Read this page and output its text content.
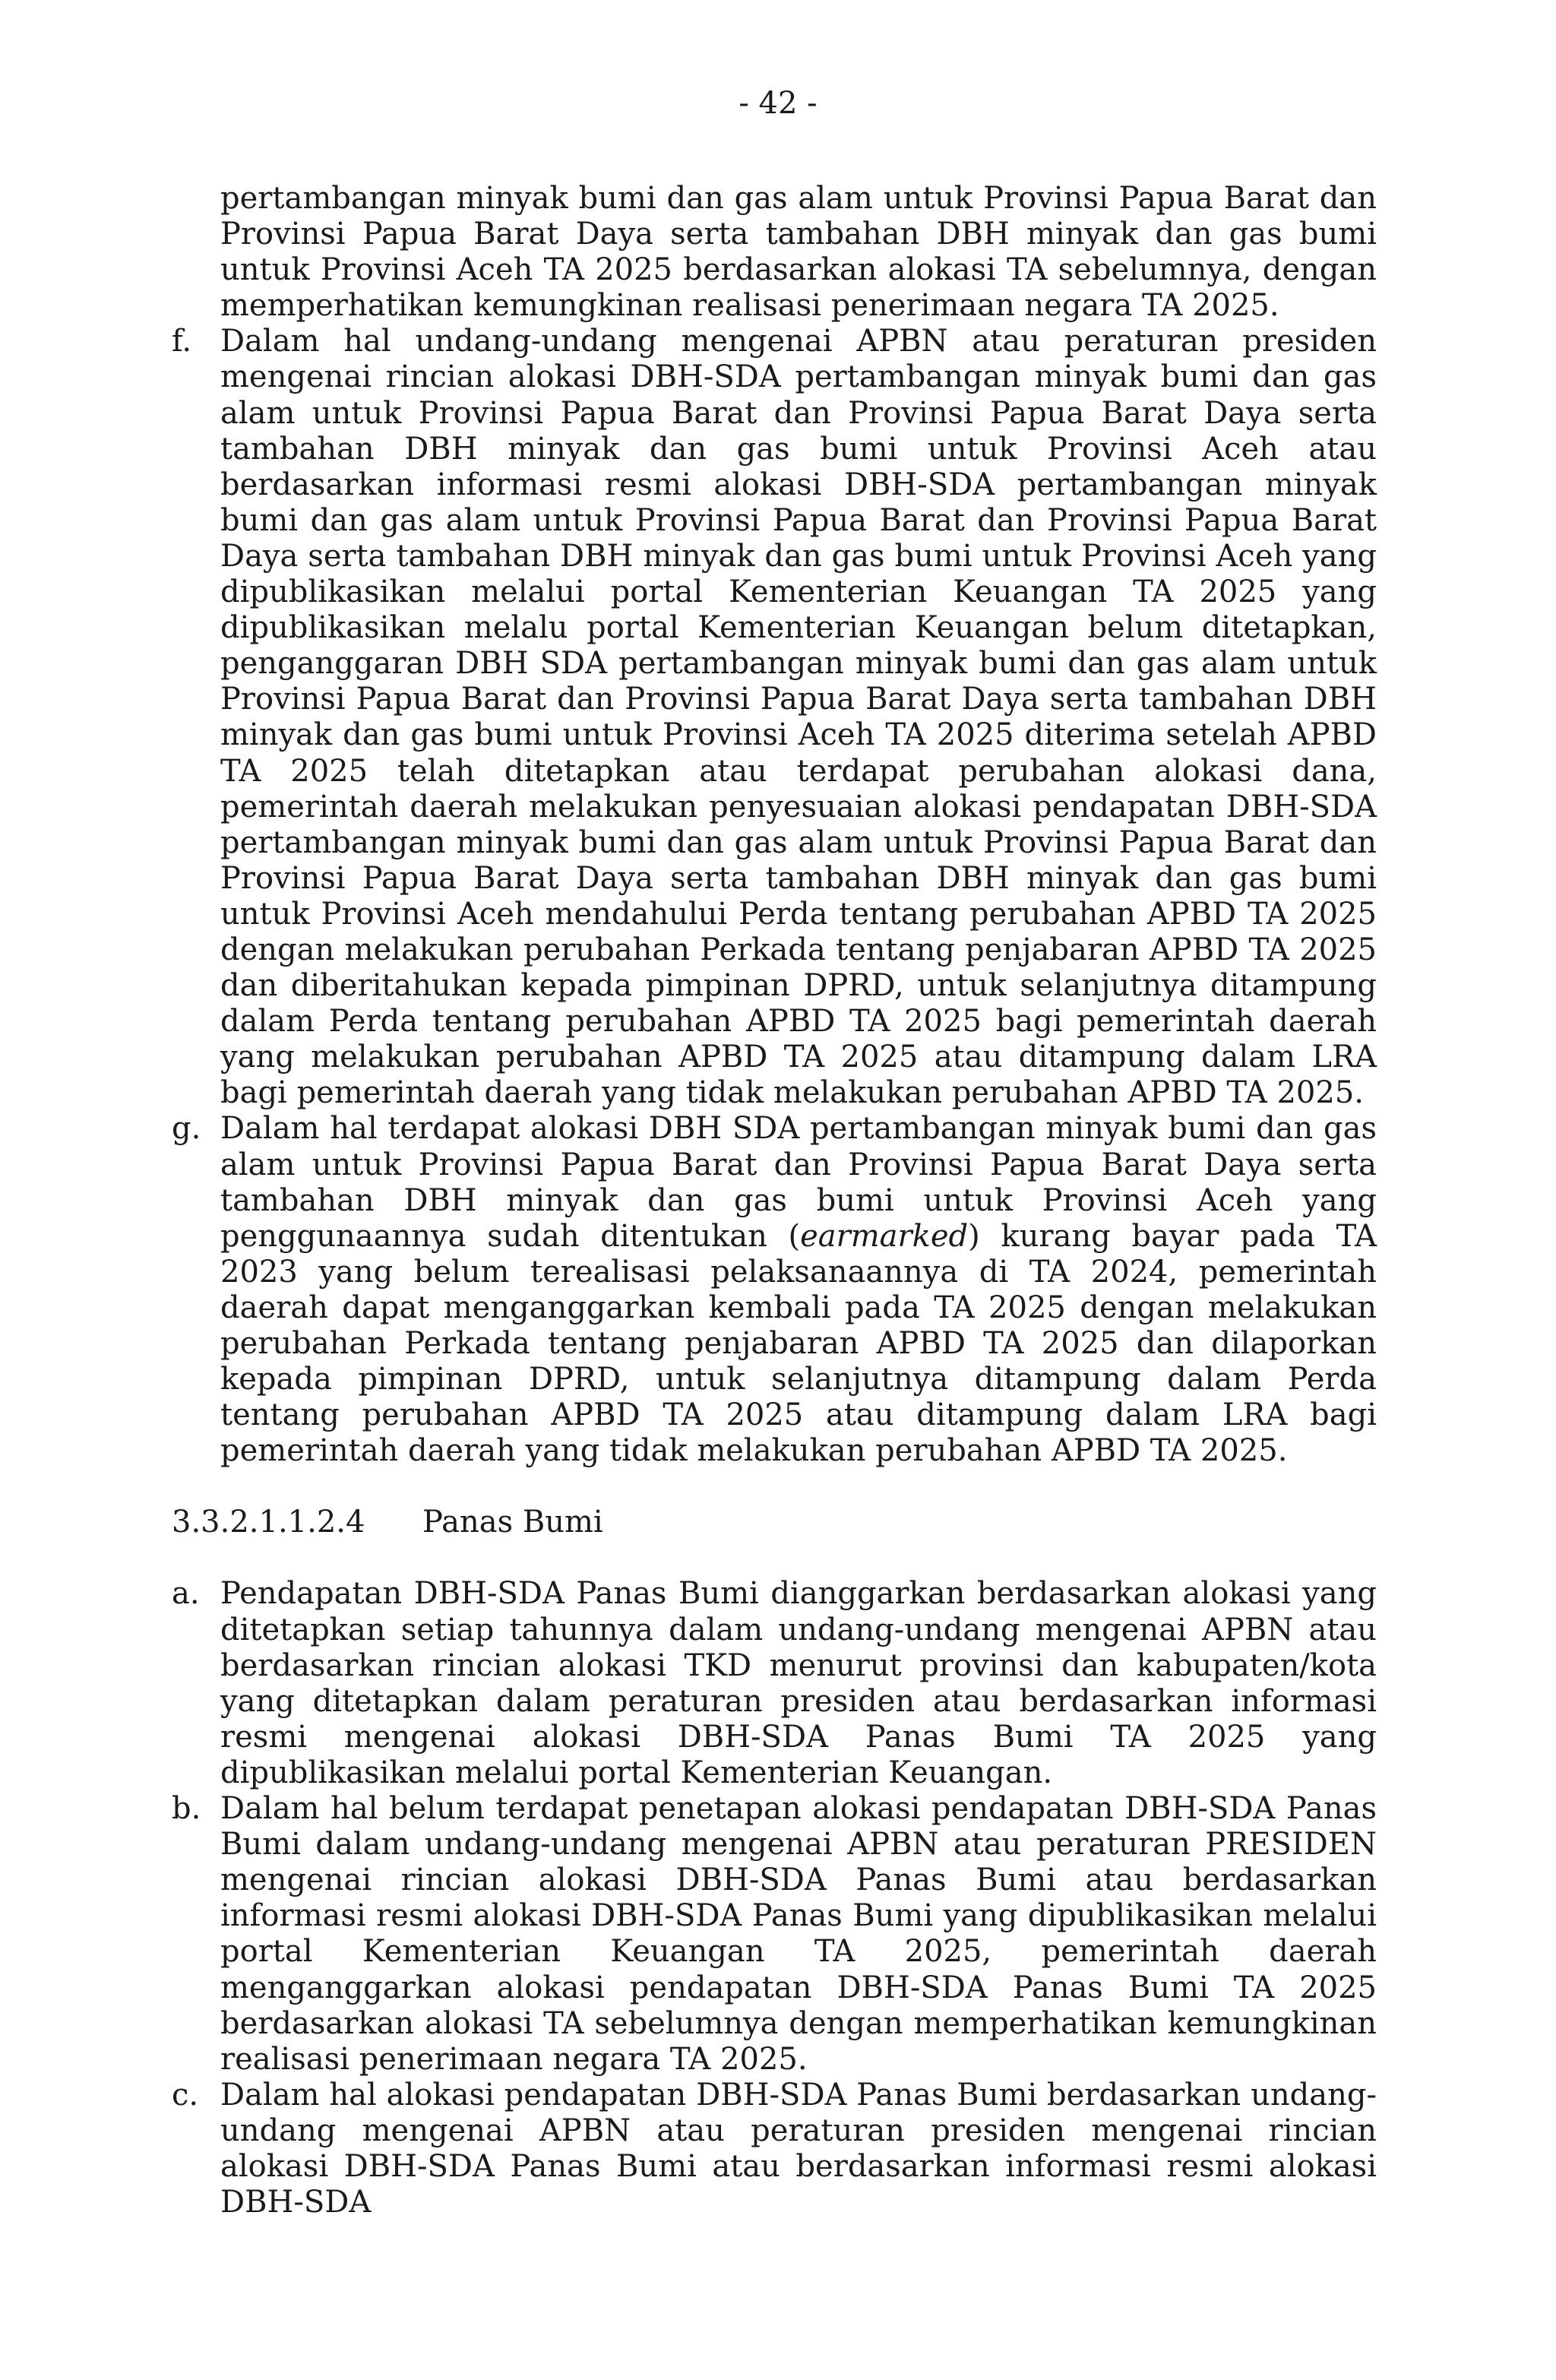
- 42 -

pertambangan minyak bumi dan gas alam untuk Provinsi Papua Barat dan Provinsi Papua Barat Daya serta tambahan DBH minyak dan gas bumi untuk Provinsi Aceh TA 2025 berdasarkan alokasi TA sebelumnya, dengan memperhatikan kemungkinan realisasi penerimaan negara TA 2025.

f. Dalam hal undang-undang mengenai APBN atau peraturan presiden mengenai rincian alokasi DBH-SDA pertambangan minyak bumi dan gas alam untuk Provinsi Papua Barat dan Provinsi Papua Barat Daya serta tambahan DBH minyak dan gas bumi untuk Provinsi Aceh atau berdasarkan informasi resmi alokasi DBH-SDA pertambangan minyak bumi dan gas alam untuk Provinsi Papua Barat dan Provinsi Papua Barat Daya serta tambahan DBH minyak dan gas bumi untuk Provinsi Aceh yang dipublikasikan melalui portal Kementerian Keuangan TA 2025 yang dipublikasikan melalu portal Kementerian Keuangan belum ditetapkan, penganggaran DBH SDA pertambangan minyak bumi dan gas alam untuk Provinsi Papua Barat dan Provinsi Papua Barat Daya serta tambahan DBH minyak dan gas bumi untuk Provinsi Aceh TA 2025 diterima setelah APBD TA 2025 telah ditetapkan atau terdapat perubahan alokasi dana, pemerintah daerah melakukan penyesuaian alokasi pendapatan DBH-SDA pertambangan minyak bumi dan gas alam untuk Provinsi Papua Barat dan Provinsi Papua Barat Daya serta tambahan DBH minyak dan gas bumi untuk Provinsi Aceh mendahului Perda tentang perubahan APBD TA 2025 dengan melakukan perubahan Perkada tentang penjabaran APBD TA 2025 dan diberitahukan kepada pimpinan DPRD, untuk selanjutnya ditampung dalam Perda tentang perubahan APBD TA 2025 bagi pemerintah daerah yang melakukan perubahan APBD TA 2025 atau ditampung dalam LRA bagi pemerintah daerah yang tidak melakukan perubahan APBD TA 2025.
g. Dalam hal terdapat alokasi DBH SDA pertambangan minyak bumi dan gas alam untuk Provinsi Papua Barat dan Provinsi Papua Barat Daya serta tambahan DBH minyak dan gas bumi untuk Provinsi Aceh yang penggunaannya sudah ditentukan (earmarked) kurang bayar pada TA 2023 yang belum terealisasi pelaksanaannya di TA 2024, pemerintah daerah dapat menganggarkan kembali pada TA 2025 dengan melakukan perubahan Perkada tentang penjabaran APBD TA 2025 dan dilaporkan kepada pimpinan DPRD, untuk selanjutnya ditampung dalam Perda tentang perubahan APBD TA 2025 atau ditampung dalam LRA bagi pemerintah daerah yang tidak melakukan perubahan APBD TA 2025.
3.3.2.1.1.2.4	Panas Bumi
a. Pendapatan DBH-SDA Panas Bumi dianggarkan berdasarkan alokasi yang ditetapkan setiap tahunnya dalam undang-undang mengenai APBN atau berdasarkan rincian alokasi TKD menurut provinsi dan kabupaten/kota yang ditetapkan dalam peraturan presiden atau berdasarkan informasi resmi mengenai alokasi DBH-SDA Panas Bumi TA 2025 yang dipublikasikan melalui portal Kementerian Keuangan.
b. Dalam hal belum terdapat penetapan alokasi pendapatan DBH-SDA Panas Bumi dalam undang-undang mengenai APBN atau peraturan PRESIDEN mengenai rincian alokasi DBH-SDA Panas Bumi atau berdasarkan informasi resmi alokasi DBH-SDA Panas Bumi yang dipublikasikan melalui portal Kementerian Keuangan TA 2025, pemerintah daerah menganggarkan alokasi pendapatan DBH-SDA Panas Bumi TA 2025 berdasarkan alokasi TA sebelumnya dengan memperhatikan kemungkinan realisasi penerimaan negara TA 2025.
c. Dalam hal alokasi pendapatan DBH-SDA Panas Bumi berdasarkan undang-undang mengenai APBN atau peraturan presiden mengenai rincian alokasi DBH-SDA Panas Bumi atau berdasarkan informasi resmi alokasi DBH-SDA
